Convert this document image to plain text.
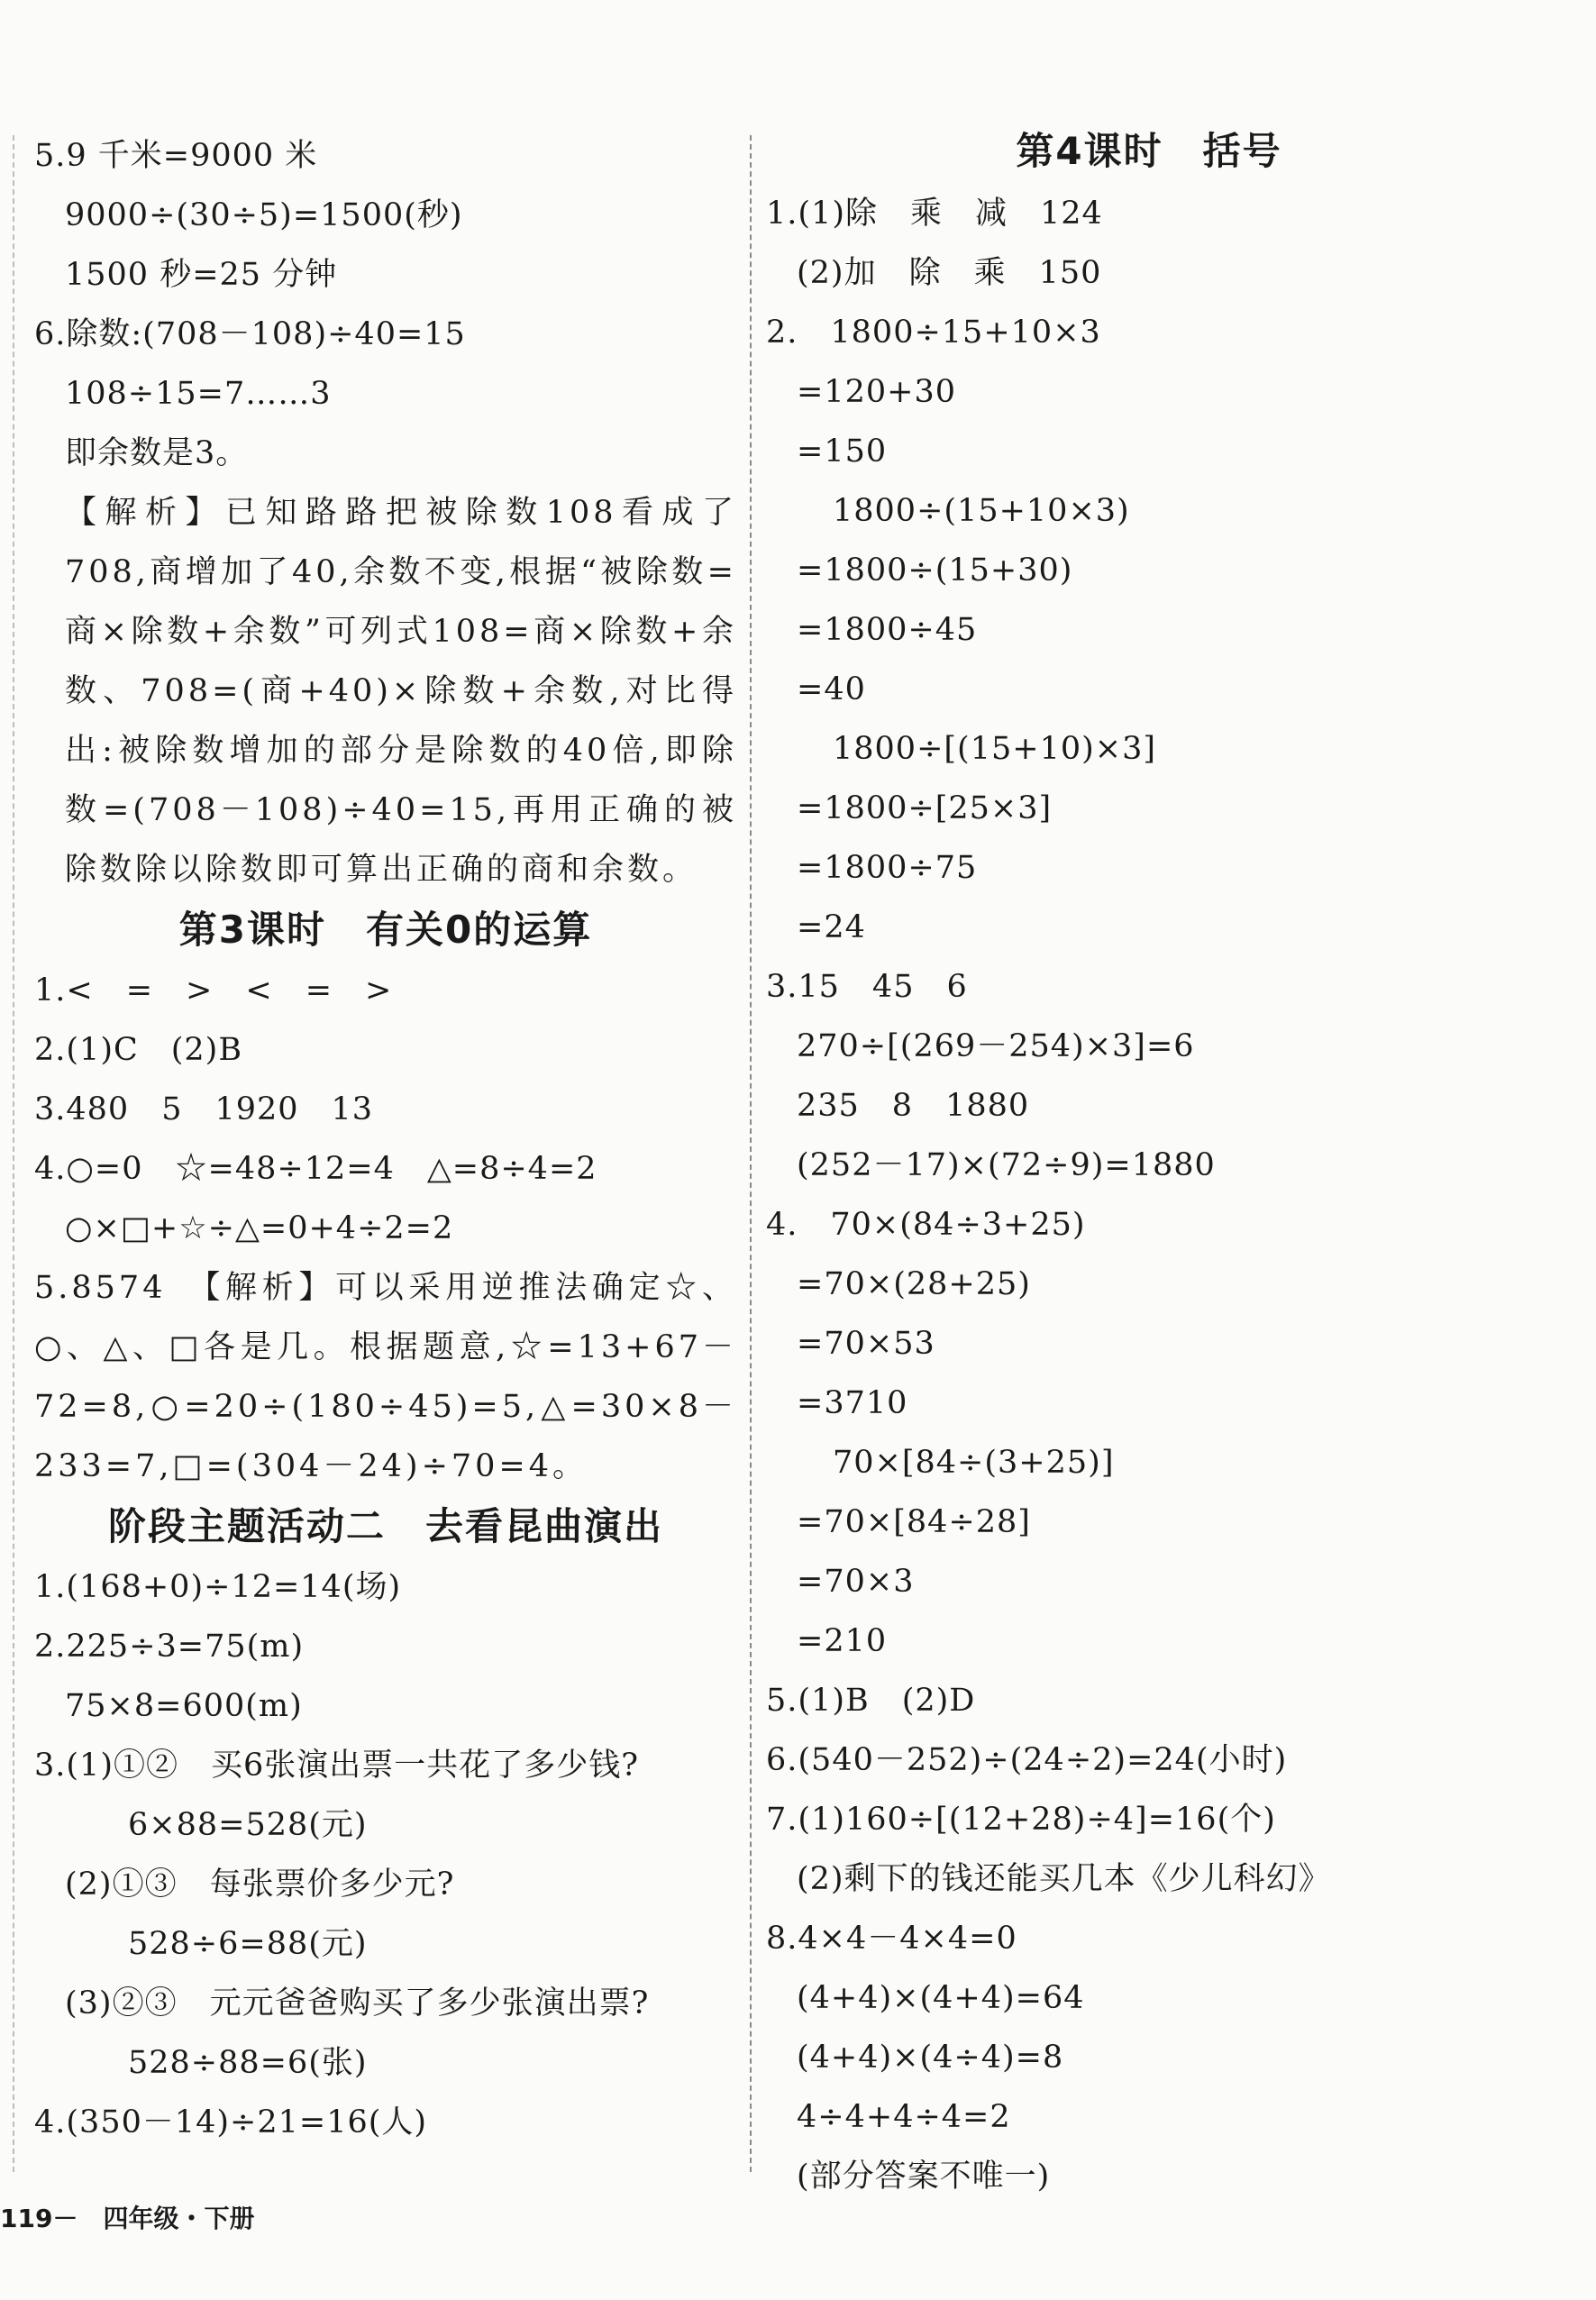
5.9 千米=9000 米
9000÷(30÷5)=1500(秒)
1500 秒=25 分钟
6.除数:(708－108)÷40=15
108÷15=7……3
即余数是3。
【解析】已知路路把被除数108看成了708,商增加了40,余数不变,根据“被除数=商×除数+余数”可列式108=商×除数+余数、708=(商+40)×除数+余数,对比得出:被除数增加的部分是除数的40倍,即除数=(708－108)÷40=15,再用正确的被除数除以除数即可算出正确的商和余数。
第3课时　有关0的运算
1.<　=　>　<　=　>
2.(1)C　(2)B
3.480　5　1920　13
4.○=0　☆=48÷12=4　△=8÷4=2
○×□+☆÷△=0+4÷2=2
5.8574　【解析】可以采用逆推法确定☆、○、△、□各是几。根据题意,☆=13+67－72=8,○=20÷(180÷45)=5,△=30×8－233=7,□=(304－24)÷70=4。
阶段主题活动二　去看昆曲演出
1.(168+0)÷12=14(场)
2.225÷3=75(m)
75×8=600(m)
3.(1)①②　买6张演出票一共花了多少钱?
6×88=528(元)
(2)①③　每张票价多少元?
528÷6=88(元)
(3)②③　元元爸爸购买了多少张演出票?
528÷88=6(张)
4.(350－14)÷21=16(人)
第4课时　括号
1.(1)除　乘　减　124
(2)加　除　乘　150
2.　1800÷15+10×3
=120+30
=150
1800÷(15+10×3)
=1800÷(15+30)
=1800÷45
=40
1800÷[(15+10)×3]
=1800÷[25×3]
=1800÷75
=24
3.15　45　6
270÷[(269－254)×3]=6
235　8　1880
(252－17)×(72÷9)=1880
4.　70×(84÷3+25)
=70×(28+25)
=70×53
=3710
70×[84÷(3+25)]
=70×[84÷28]
=70×3
=210
5.(1)B　(2)D
6.(540－252)÷(24÷2)=24(小时)
7.(1)160÷[(12+28)÷4]=16(个)
(2)剩下的钱还能买几本《少儿科幻》
8.4×4－4×4=0
(4+4)×(4+4)=64
(4+4)×(4÷4)=8
4÷4+4÷4=2
(部分答案不唯一)
119－　四年级・下册
